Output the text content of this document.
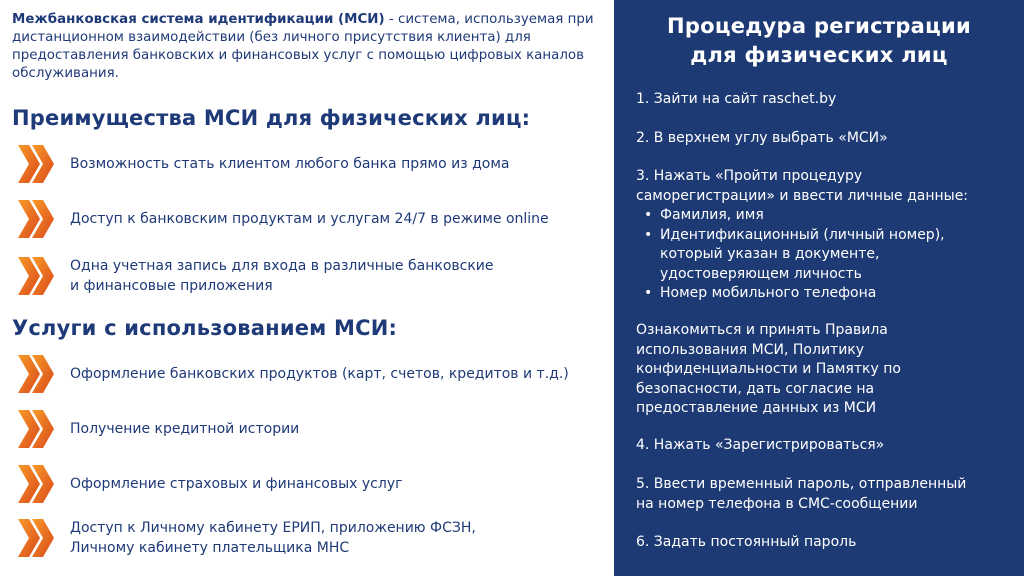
Межбанковская система идентификации (МСИ) - система, используемая при дистанционном взаимодействии (без личного присутствия клиента) для предоставления банковских и финансовых услуг с помощью цифровых каналов обслуживания.
Преимущества МСИ для физических лиц:
Возможность стать клиентом любого банка прямо из дома
Доступ к банковским продуктам и услугам 24/7 в режиме online
Одна учетная запись для входа в различные банковские
и финансовые приложения
Услуги с использованием МСИ:
Оформление банковских продуктов (карт, счетов, кредитов и т.д.)
Получение кредитной истории
Оформление страховых и финансовых услуг
Доступ к Личному кабинету ЕРИП, приложению ФСЗН,
Личному кабинету плательщика МНС
Процедура регистрации
для физических лиц
1. Зайти на сайт raschet.by
2. В верхнем углу выбрать «МСИ»
3. Нажать «Пройти процедуру
саморегистрации» и ввести личные данные:
• Фамилия, имя
• Идентификационный (личный номер),
который указан в документе,
удостоверяющем личность
• Номер мобильного телефона
Ознакомиться и принять Правила
использования МСИ, Политику
конфиденциальности и Памятку по
безопасности, дать согласие на
предоставление данных из МСИ
4. Нажать «Зарегистрироваться»
5. Ввести временный пароль, отправленный
на номер телефона в СМС-сообщении
6. Задать постоянный пароль
